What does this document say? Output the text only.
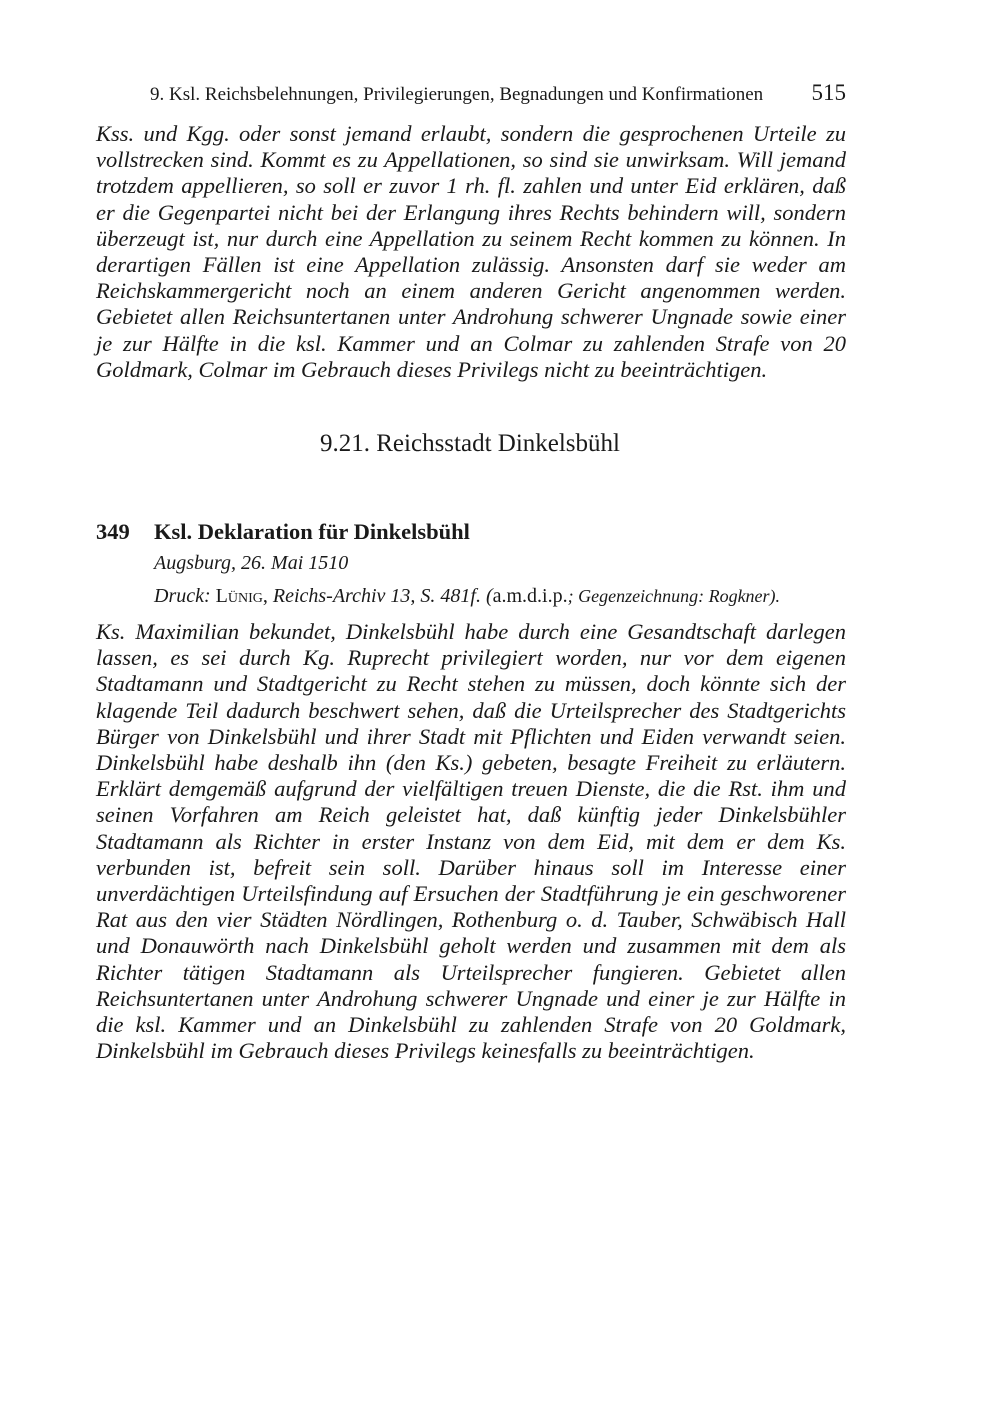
9. Ksl. Reichsbelehnungen, Privilegierungen, Begnadungen und Konfirmationen 515
Kss. und Kgg. oder sonst jemand erlaubt, sondern die gesprochenen Urteile zu vollstrecken sind. Kommt es zu Appellationen, so sind sie unwirksam. Will jemand trotzdem appellieren, so soll er zuvor 1 rh. fl. zahlen und unter Eid erklären, daß er die Gegenpartei nicht bei der Erlangung ihres Rechts behindern will, sondern überzeugt ist, nur durch eine Appellation zu seinem Recht kommen zu können. In derartigen Fällen ist eine Appellation zulässig. Ansonsten darf sie weder am Reichskammergericht noch an einem anderen Gericht angenommen werden. Gebietet allen Reichsuntertanen unter Androhung schwerer Ungnade sowie einer je zur Hälfte in die ksl. Kammer und an Colmar zu zahlenden Strafe von 20 Goldmark, Colmar im Gebrauch dieses Privilegs nicht zu beeinträchtigen.
9.21. Reichsstadt Dinkelsbühl
349 Ksl. Deklaration für Dinkelsbühl
Augsburg, 26. Mai 1510
Druck: Lünig, Reichs-Archiv 13, S. 481f. (a.m.d.i.p.; Gegenzeichnung: Rogkner).
Ks. Maximilian bekundet, Dinkelsbühl habe durch eine Gesandtschaft darlegen lassen, es sei durch Kg. Ruprecht privilegiert worden, nur vor dem eigenen Stadtamann und Stadtgericht zu Recht stehen zu müssen, doch könnte sich der klagende Teil dadurch beschwert sehen, daß die Urteilsprecher des Stadtgerichts Bürger von Dinkelsbühl und ihrer Stadt mit Pflichten und Eiden verwandt seien. Dinkelsbühl habe deshalb ihn (den Ks.) gebeten, besagte Freiheit zu erläutern. Erklärt demgemäß aufgrund der vielfältigen treuen Dienste, die die Rst. ihm und seinen Vorfahren am Reich geleistet hat, daß künftig jeder Dinkelsbühler Stadtamann als Richter in erster Instanz von dem Eid, mit dem er dem Ks. verbunden ist, befreit sein soll. Darüber hinaus soll im Interesse einer unverdächtigen Urteilsfindung auf Ersuchen der Stadtführung je ein geschworener Rat aus den vier Städten Nördlingen, Rothenburg o. d. Tauber, Schwäbisch Hall und Donauwörth nach Dinkelsbühl geholt werden und zusammen mit dem als Richter tätigen Stadtamann als Urteilsprecher fungieren. Gebietet allen Reichsuntertanen unter Androhung schwerer Ungnade und einer je zur Hälfte in die ksl. Kammer und an Dinkelsbühl zu zahlenden Strafe von 20 Goldmark, Dinkelsbühl im Gebrauch dieses Privilegs keinesfalls zu beeinträchtigen.
